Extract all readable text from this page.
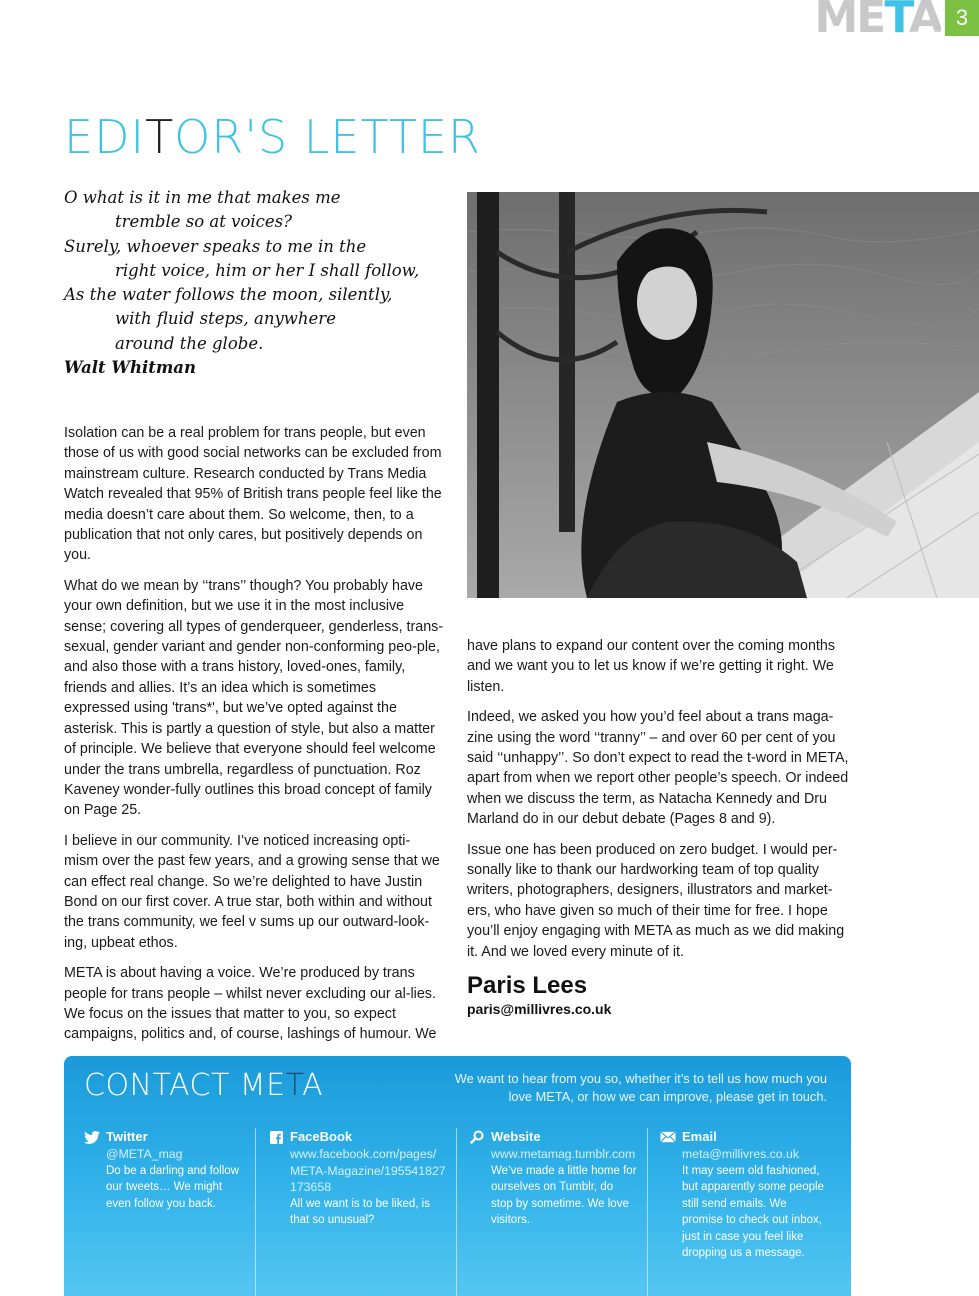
META 3
EDITOR'S LETTER
O what is it in me that makes me
tremble so at voices?
Surely, whoever speaks to me in the
right voice, him or her I shall follow,
As the water follows the moon, silently,
with fluid steps, anywhere
around the globe.
Walt Whitman

Isolation can be a real problem for trans people, but even those of us with good social networks can be excluded from mainstream culture. Research conducted by Trans Media Watch revealed that 95% of British trans people feel like the media doesn’t care about them. So welcome, then, to a publication that not only cares, but positively depends on you.

What do we mean by ‘‘trans’’ though? You probably have your own definition, but we use it in the most inclusive sense; covering all types of genderqueer, genderless, trans-sexual, gender variant and gender non-conforming peo-ple, and also those with a trans history, loved-ones, family, friends and allies. It’s an idea which is sometimes expressed using 'trans*', but we’ve opted against the asterisk. This is partly a question of style, but also a matter of principle. We believe that everyone should feel welcome under the trans umbrella, regardless of punctuation. Roz Kaveney wonder-fully outlines this broad concept of family on Page 25.

I believe in our community. I’ve noticed increasing opti-mism over the past few years, and a growing sense that we can effect real change. So we’re delighted to have Justin Bond on our first cover. A true star, both within and without the trans community, we feel v sums up our outward-look-ing, upbeat ethos.

META is about having a voice. We’re produced by trans people for trans people – whilst never excluding our al-lies. We focus on the issues that matter to you, so expect campaigns, politics and, of course, lashings of humour. We

have plans to expand our content over the coming months and we want you to let us know if we’re getting it right. We listen.

Indeed, we asked you how you’d feel about a trans maga-zine using the word ‘‘tranny’’ – and over 60 per cent of you said ‘‘unhappy’’. So don’t expect to read the t-word in META, apart from when we report other people’s speech. Or indeed when we discuss the term, as Natacha Kennedy and Dru Marland do in our debut debate (Pages 8 and 9).

Issue one has been produced on zero budget. I would per-sonally like to thank our hardworking team of top quality writers, photographers, designers, illustrators and market-ers, who have given so much of their time for free. I hope you’ll enjoy engaging with META as much as we did making it. And we loved every minute of it.

Paris Lees
paris@millivres.co.uk
CONTACT META	We want to hear from you so, whether it’s to tell us how much you love META, or how we can improve, please get in touch.
Twitter
@META_mag
Do be a darling and follow our tweets… We might even follow you back.
FaceBook
www.facebook.com/pages/META-Magazine/195541827173658
All we want is to be liked, is that so unusual?
Website
www.metamag.tumblr.com
We’ve made a little home for ourselves on Tumblr, do stop by sometime. We love visitors.
Email
meta@millivres.co.uk
It may seem old fashioned, but apparently some people still send emails. We promise to check out inbox, just in case you feel like dropping us a message.
